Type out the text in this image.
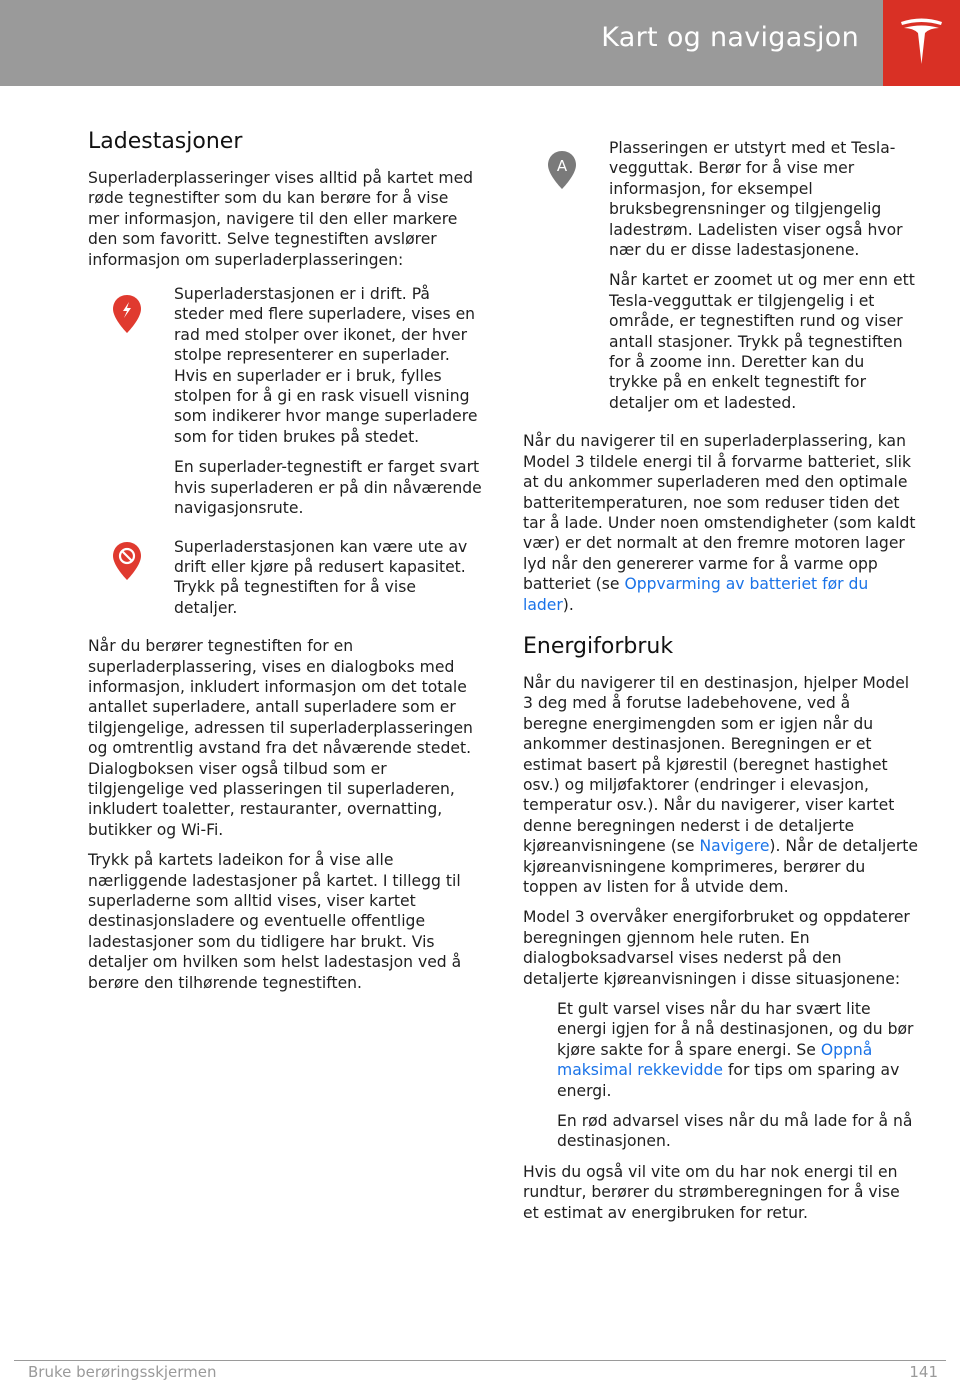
Kart og navigasjon
Ladestasjoner

Superladerplasseringer vises alltid på kartet med røde tegnestifter som du kan berøre for å vise mer informasjon, navigere til den eller markere den som favoritt. Selve tegnestiften avslører informasjon om superladerplasseringen:

Superladerstasjonen er i drift. På steder med flere superladere, vises en rad med stolper over ikonet, der hver stolpe representerer en superlader. Hvis en superlader er i bruk, fylles stolpen for å gi en rask visuell visning som indikerer hvor mange superladere som for tiden brukes på stedet.

En superlader-tegnestift er farget svart hvis superladeren er på din nåværende navigasjonsrute.

Superladerstasjonen kan være ute av drift eller kjøre på redusert kapasitet. Trykk på tegnestiften for å vise detaljer.

Når du berører tegnestiften for en superladerplassering, vises en dialogboks med informasjon, inkludert informasjon om det totale antallet superladere, antall superladere som er tilgjengelige, adressen til superladerplasseringen og omtrentlig avstand fra det nåværende stedet. Dialogboksen viser også tilbud som er tilgjengelige ved plasseringen til superladeren, inkludert toaletter, restauranter, overnatting, butikker og Wi-Fi.

Trykk på kartets ladeikon for å vise alle nærliggende ladestasjoner på kartet. I tillegg til superladerne som alltid vises, viser kartet destinasjonsladere og eventuelle offentlige ladestasjoner som du tidligere har brukt. Vis detaljer om hvilken som helst ladestasjon ved å berøre den tilhørende tegnestiften.

A

Plasseringen er utstyrt med et Tesla-vegguttak. Berør for å vise mer informasjon, for eksempel bruksbegrensninger og tilgjengelig ladestrøm. Ladelisten viser også hvor nær du er disse ladestasjonene.

Når kartet er zoomet ut og mer enn ett Tesla-vegguttak er tilgjengelig i et område, er tegnestiften rund og viser antall stasjoner. Trykk på tegnestiften for å zoome inn. Deretter kan du trykke på en enkelt tegnestift for detaljer om et ladested.

Når du navigerer til en superladerplassering, kan Model 3 tildele energi til å forvarme batteriet, slik at du ankommer superladeren med den optimale batteritemperaturen, noe som reduser tiden det tar å lade. Under noen omstendigheter (som kaldt vær) er det normalt at den fremre motoren lager lyd når den genererer varme for å varme opp batteriet (se Oppvarming av batteriet før du lader).

Energiforbruk

Når du navigerer til en destinasjon, hjelper Model 3 deg med å forutse ladebehovene, ved å beregne energimengden som er igjen når du ankommer destinasjonen. Beregningen er et estimat basert på kjørestil (beregnet hastighet osv.) og miljøfaktorer (endringer i elevasjon, temperatur osv.). Når du navigerer, viser kartet denne beregningen nederst i de detaljerte kjøreanvisningene (se Navigere). Når de detaljerte kjøreanvisningene komprimeres, berører du toppen av listen for å utvide dem.

Model 3 overvåker energiforbruket og oppdaterer beregningen gjennom hele ruten. En dialogboksadvarsel vises nederst på den detaljerte kjøreanvisningen i disse situasjonene:

Et gult varsel vises når du har svært lite energi igjen for å nå destinasjonen, og du bør kjøre sakte for å spare energi. Se Oppnå maksimal rekkevidde for tips om sparing av energi.

En rød advarsel vises når du må lade for å nå destinasjonen.

Hvis du også vil vite om du har nok energi til en rundtur, berører du strømberegningen for å vise et estimat av energibruken for retur.

Bruke berøringsskjermen	141
